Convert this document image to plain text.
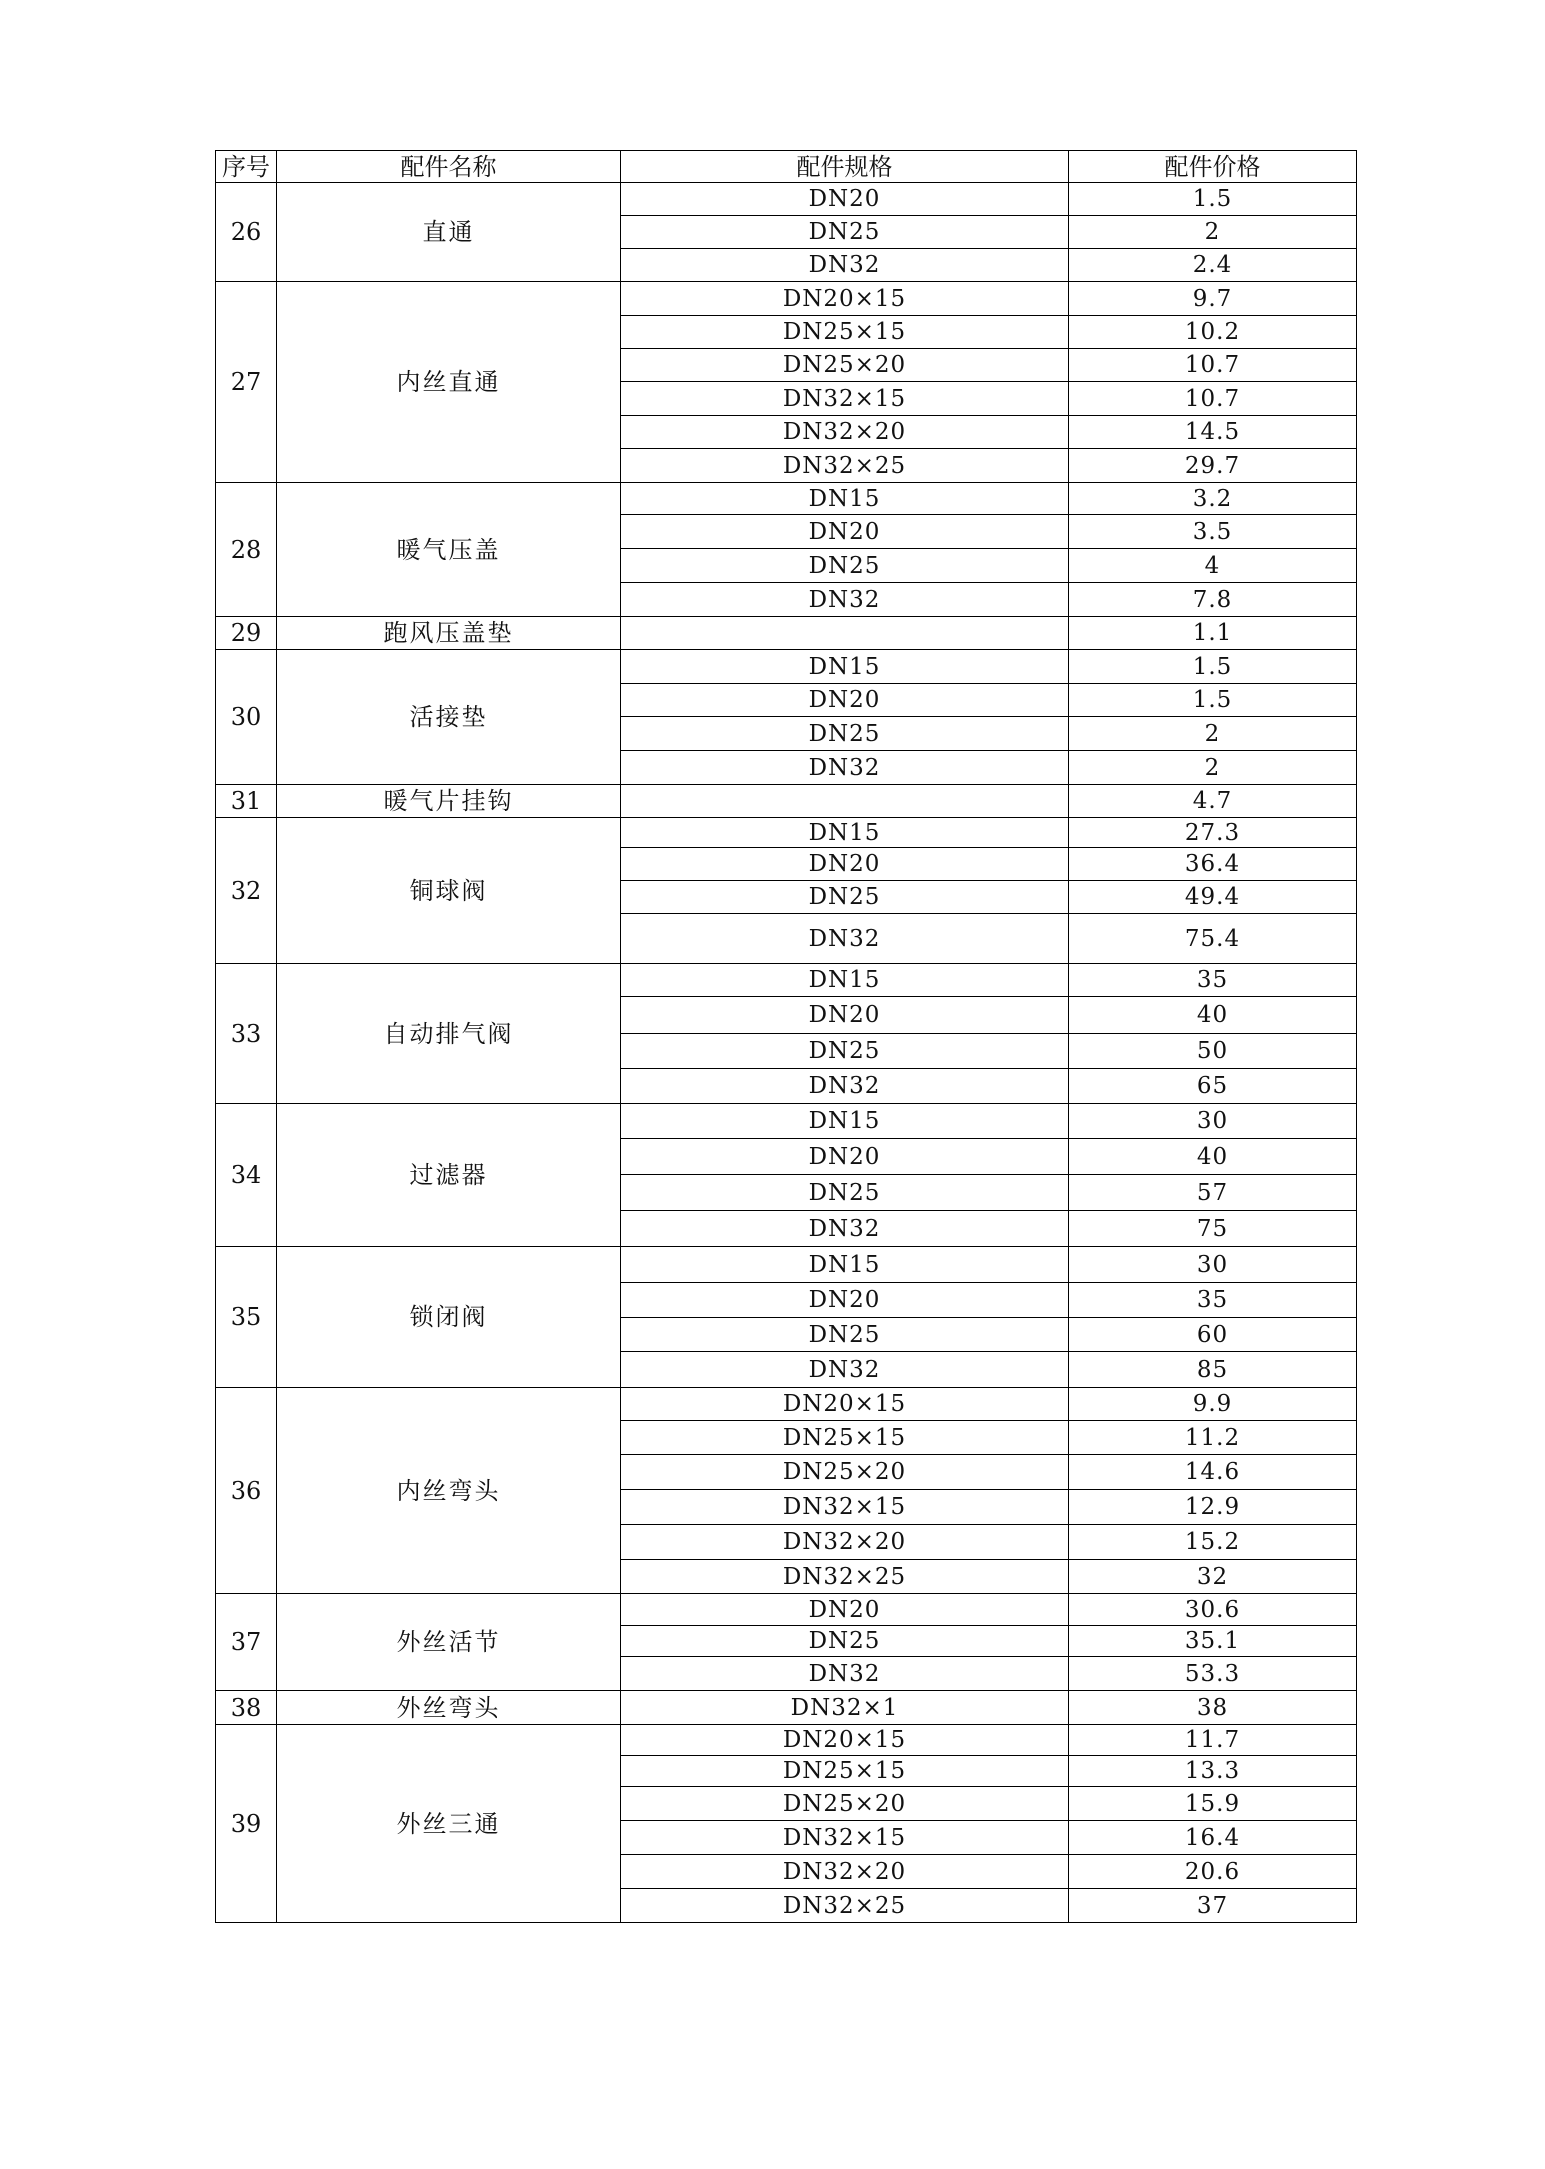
序号	配件名称	配件规格	配件价格
26	直通	DN20	1.5
		DN25	2
		DN32	2.4
27	内丝直通	DN20×15	9.7
		DN25×15	10.2
		DN25×20	10.7
		DN32×15	10.7
		DN32×20	14.5
		DN32×25	29.7
28	暖气压盖	DN15	3.2
		DN20	3.5
		DN25	4
		DN32	7.8
29	跑风压盖垫		1.1
30	活接垫	DN15	1.5
		DN20	1.5
		DN25	2
		DN32	2
31	暖气片挂钩		4.7
32	铜球阀	DN15	27.3
		DN20	36.4
		DN25	49.4
		DN32	75.4
33	自动排气阀	DN15	35
		DN20	40
		DN25	50
		DN32	65
34	过滤器	DN15	30
		DN20	40
		DN25	57
		DN32	75
35	锁闭阀	DN15	30
		DN20	35
		DN25	60
		DN32	85
36	内丝弯头	DN20×15	9.9
		DN25×15	11.2
		DN25×20	14.6
		DN32×15	12.9
		DN32×20	15.2
		DN32×25	32
37	外丝活节	DN20	30.6
		DN25	35.1
		DN32	53.3
38	外丝弯头	DN32×1	38
39	外丝三通	DN20×15	11.7
		DN25×15	13.3
		DN25×20	15.9
		DN32×15	16.4
		DN32×20	20.6
		DN32×25	37
